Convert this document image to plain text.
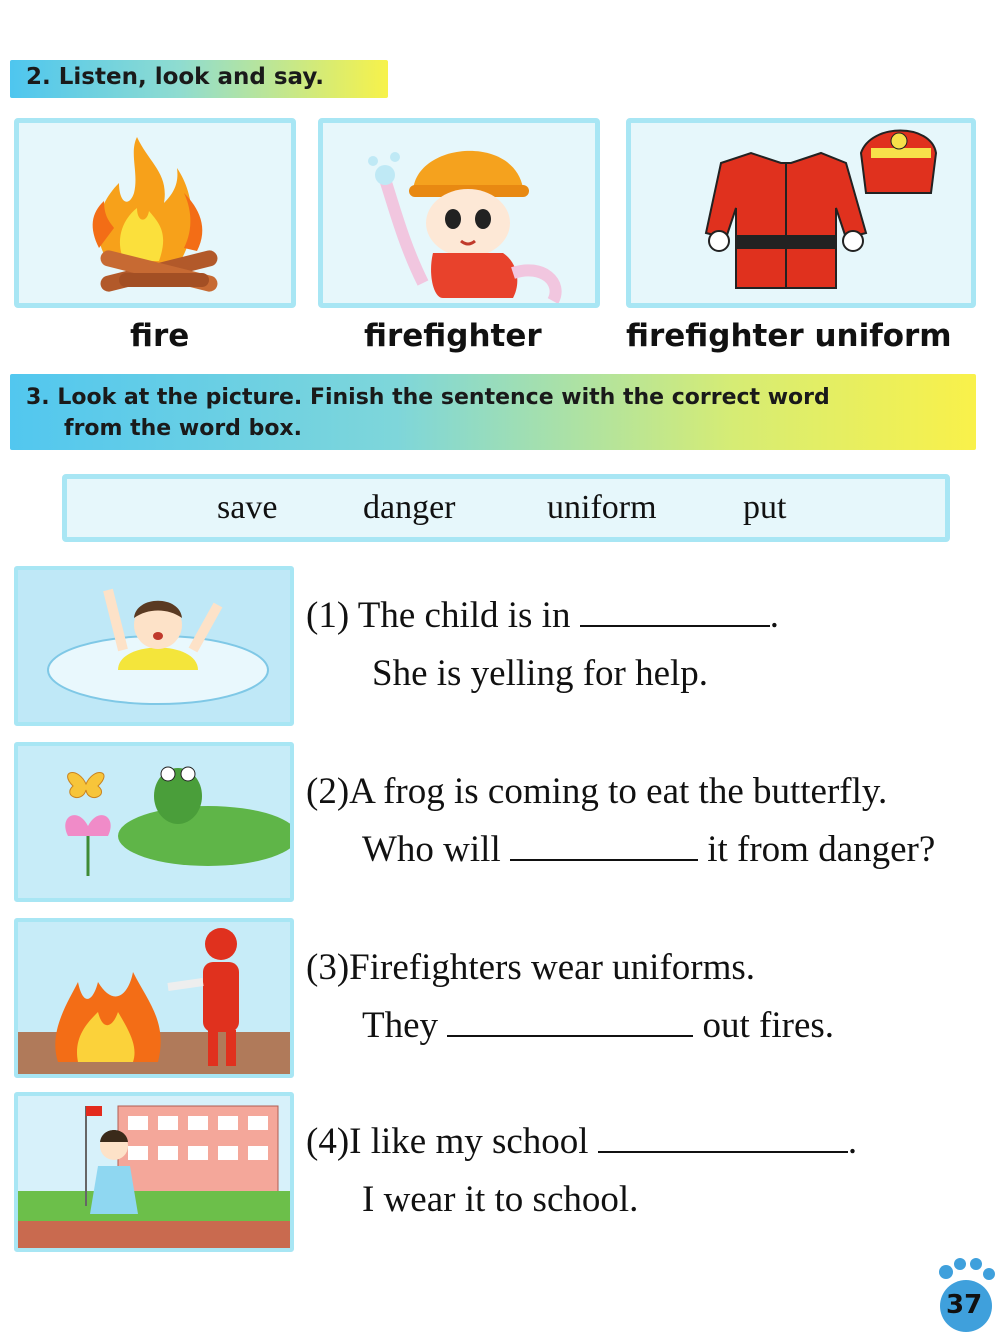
2. Listen, look and say.
fire	firefighter	firefighter uniform
3. Look at the picture. Finish the sentence with the correct word
from the word box.
save	danger	uniform	put
(1) The child is in	.
She is yelling for help.
(2)A frog is coming to eat the butterfly.
Who will	it from danger?
(3)Firefighters wear uniforms.
They	out fires.
(4)I like my school	.
I wear it to school.
37
